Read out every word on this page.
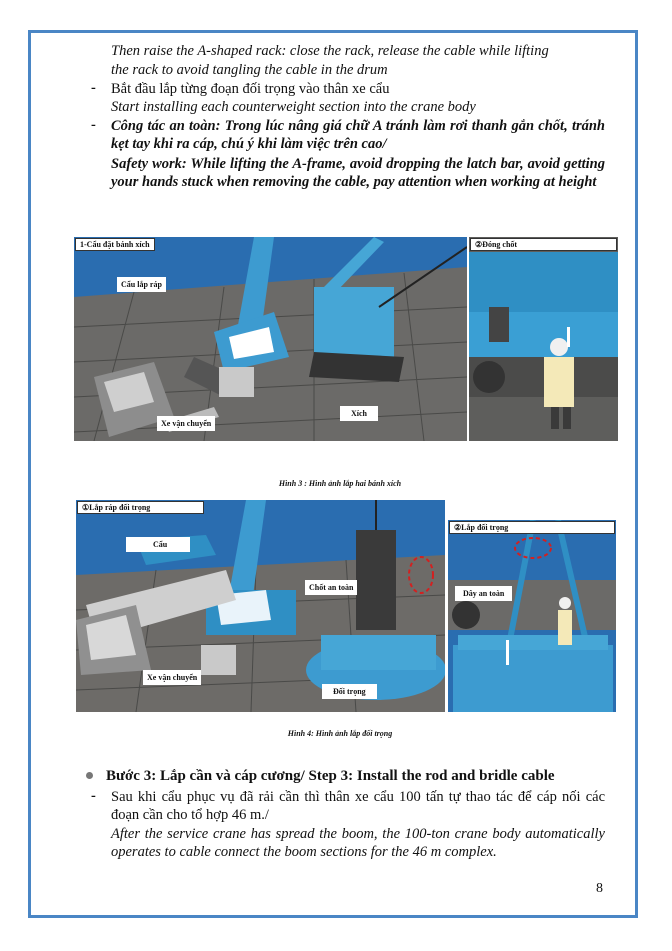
Then raise the A-shaped rack: close the rack, release the cable while lifting
the rack to avoid tangling the cable in the drum
- Bắt đầu lắp từng đoạn đối trọng vào thân xe cẩu
Start installing each counterweight section into the crane body
- Công tác an toàn: Trong lúc nâng giá chữ A tránh làm rơi thanh gắn chốt, tránh kẹt tay khi ra cáp, chú ý khi làm việc trên cao/
Safety work: While lifting the A-frame, avoid dropping the latch bar, avoid getting your hands stuck when removing the cable, pay attention when working at height
1-Cẩu đặt bánh xích
Cẩu lắp ráp
Xe vận chuyển
Xích
②Đóng chốt
Hình 3 : Hình ảnh lắp hai bánh xích
①Lắp ráp đối trọng
Cẩu
Chốt an toàn
Xe vận chuyển
Đối trọng
②Lắp đối trọng
Dây an toàn
Hình 4: Hình ảnh lắp đối trọng
Bước 3: Lắp cần và cáp cương/ Step 3: Install the rod and bridle cable
- Sau khi cẩu phục vụ đã rải cần thì thân xe cẩu 100 tấn tự thao tác để cáp nối các đoạn cần cho tổ hợp 46 m./
After the service crane has spread the boom, the 100-ton crane body automatically operates to cable connect the boom sections for the 46 m complex.
8
